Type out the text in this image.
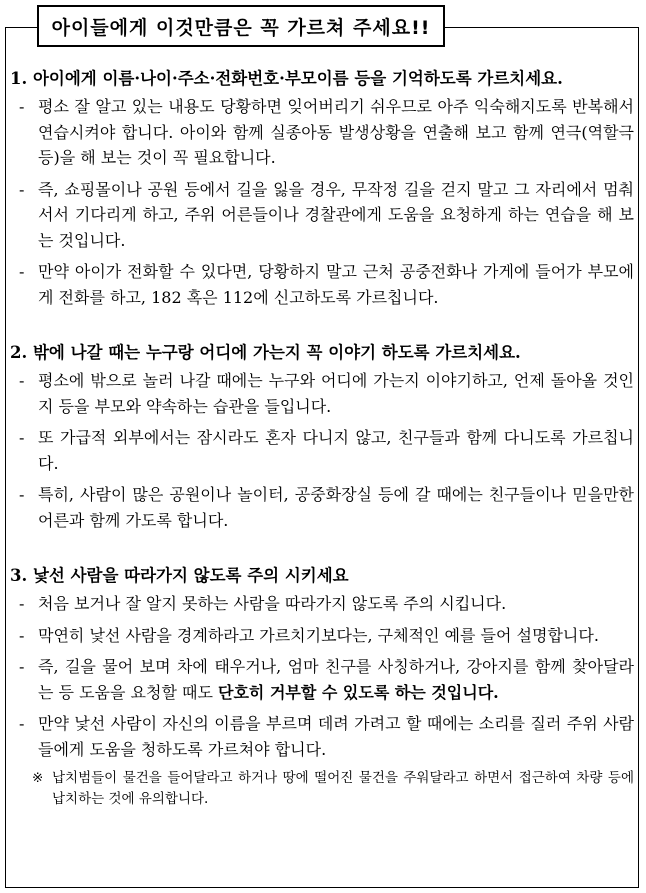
아이들에게 이것만큼은 꼭 가르쳐 주세요!!
1. 아이에게 이름·나이·주소·전화번호·부모이름 등을 기억하도록 가르치세요.
- 평소 잘 알고 있는 내용도 당황하면 잊어버리기 쉬우므로 아주 익숙해지도록 반복해서 연습시켜야 합니다. 아이와 함께 실종아동 발생상황을 연출해 보고 함께 연극(역할극 등)을 해 보는 것이 꼭 필요합니다.
- 즉, 쇼핑몰이나 공원 등에서 길을 잃을 경우, 무작정 길을 걷지 말고 그 자리에서 멈춰 서서 기다리게 하고, 주위 어른들이나 경찰관에게 도움을 요청하게 하는 연습을 해 보는 것입니다.
- 만약 아이가 전화할 수 있다면, 당황하지 말고 근처 공중전화나 가게에 들어가 부모에게 전화를 하고, 182 혹은 112에 신고하도록 가르칩니다.
2. 밖에 나갈 때는 누구랑 어디에 가는지 꼭 이야기 하도록 가르치세요.
- 평소에 밖으로 놀러 나갈 때에는 누구와 어디에 가는지 이야기하고, 언제 돌아올 것인지 등을 부모와 약속하는 습관을 들입니다.
- 또 가급적 외부에서는 잠시라도 혼자 다니지 않고, 친구들과 함께 다니도록 가르칩니다.
- 특히, 사람이 많은 공원이나 놀이터, 공중화장실 등에 갈 때에는 친구들이나 믿을만한 어른과 함께 가도록 합니다.
3. 낯선 사람을 따라가지 않도록 주의 시키세요
- 처음 보거나 잘 알지 못하는 사람을 따라가지 않도록 주의 시킵니다.
- 막연히 낯선 사람을 경계하라고 가르치기보다는, 구체적인 예를 들어 설명합니다.
- 즉, 길을 물어 보며 차에 태우거나, 엄마 친구를 사칭하거나, 강아지를 함께 찾아달라는 등 도움을 요청할 때도 단호히 거부할 수 있도록 하는 것입니다.
- 만약 낯선 사람이 자신의 이름을 부르며 데려 가려고 할 때에는 소리를 질러 주위 사람들에게 도움을 청하도록 가르쳐야 합니다.
※ 납치범들이 물건을 들어달라고 하거나 땅에 떨어진 물건을 주워달라고 하면서 접근하여 차량 등에 납치하는 것에 유의합니다.
